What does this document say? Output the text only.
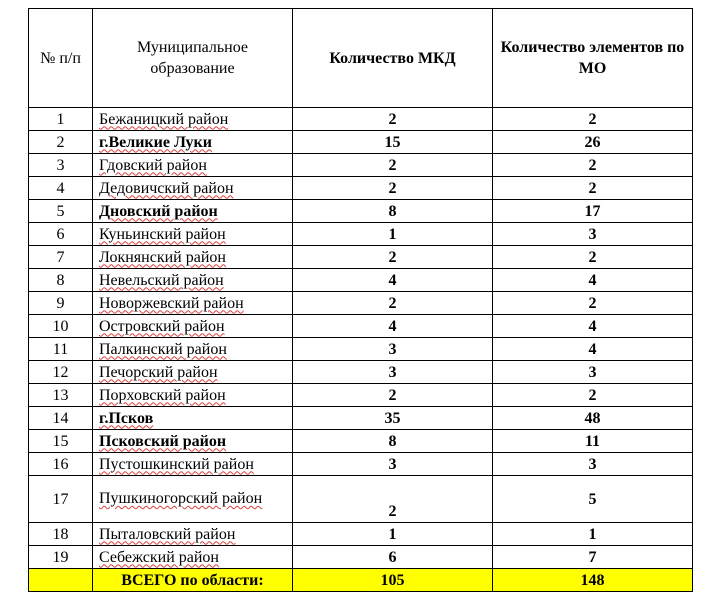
№ п/п	Муниципальное образование	Количество МКД	Количество элементов по МО
1	Бежаницкий район	2	2
2	г.Великие Луки	15	26
3	Гдовский район	2	2
4	Дедовичский район	2	2
5	Дновский район	8	17
6	Куньинский район	1	3
7	Локнянский район	2	2
8	Невельский район	4	4
9	Новоржевский район	2	2
10	Островский район	4	4
11	Палкинский район	3	4
12	Печорский район	3	3
13	Порховский район	2	2
14	г.Псков	35	48
15	Псковский район	8	11
16	Пустошкинский район	3	3
17	Пушкиногорский район	2	5
18	Пыталовский район	1	1
19	Себежский район	6	7
	ВСЕГО по области:	105	148
